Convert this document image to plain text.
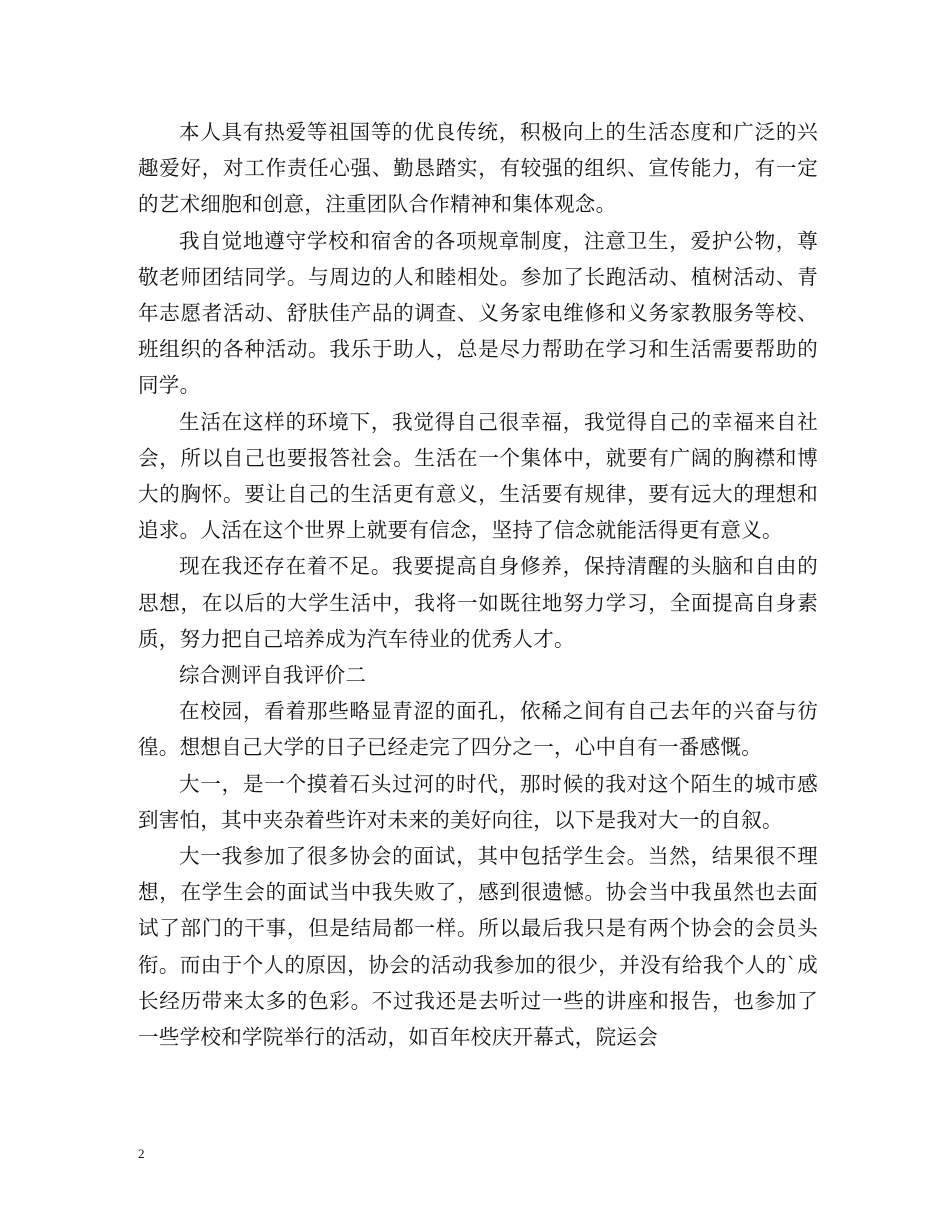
本人具有热爱等祖国等的优良传统，积极向上的生活态度和广泛的兴趣爱好，对工作责任心强、勤恳踏实，有较强的组织、宣传能力，有一定的艺术细胞和创意，注重团队合作精神和集体观念。

我自觉地遵守学校和宿舍的各项规章制度，注意卫生，爱护公物，尊敬老师团结同学。与周边的人和睦相处。参加了长跑活动、植树活动、青年志愿者活动、舒肤佳产品的调查、义务家电维修和义务家教服务等校、班组织的各种活动。我乐于助人，总是尽力帮助在学习和生活需要帮助的同学。

生活在这样的环境下，我觉得自己很幸福，我觉得自己的幸福来自社会，所以自己也要报答社会。生活在一个集体中，就要有广阔的胸襟和博大的胸怀。要让自己的生活更有意义，生活要有规律，要有远大的理想和追求。人活在这个世界上就要有信念，坚持了信念就能活得更有意义。

现在我还存在着不足。我要提高自身修养，保持清醒的头脑和自由的思想，在以后的大学生活中，我将一如既往地努力学习，全面提高自身素质，努力把自己培养成为汽车待业的优秀人才。

综合测评自我评价二

在校园，看着那些略显青涩的面孔，依稀之间有自己去年的兴奋与彷徨。想想自己大学的日子已经走完了四分之一，心中自有一番感慨。

大一，是一个摸着石头过河的时代，那时候的我对这个陌生的城市感到害怕，其中夹杂着些许对未来的美好向往，以下是我对大一的自叙。

大一我参加了很多协会的面试，其中包括学生会。当然，结果很不理想，在学生会的面试当中我失败了，感到很遗憾。协会当中我虽然也去面试了部门的干事，但是结局都一样。所以最后我只是有两个协会的会员头衔。而由于个人的原因，协会的活动我参加的很少，并没有给我个人的`成长经历带来太多的色彩。不过我还是去听过一些的讲座和报告，也参加了一些学校和学院举行的活动，如百年校庆开幕式，院运会

2
